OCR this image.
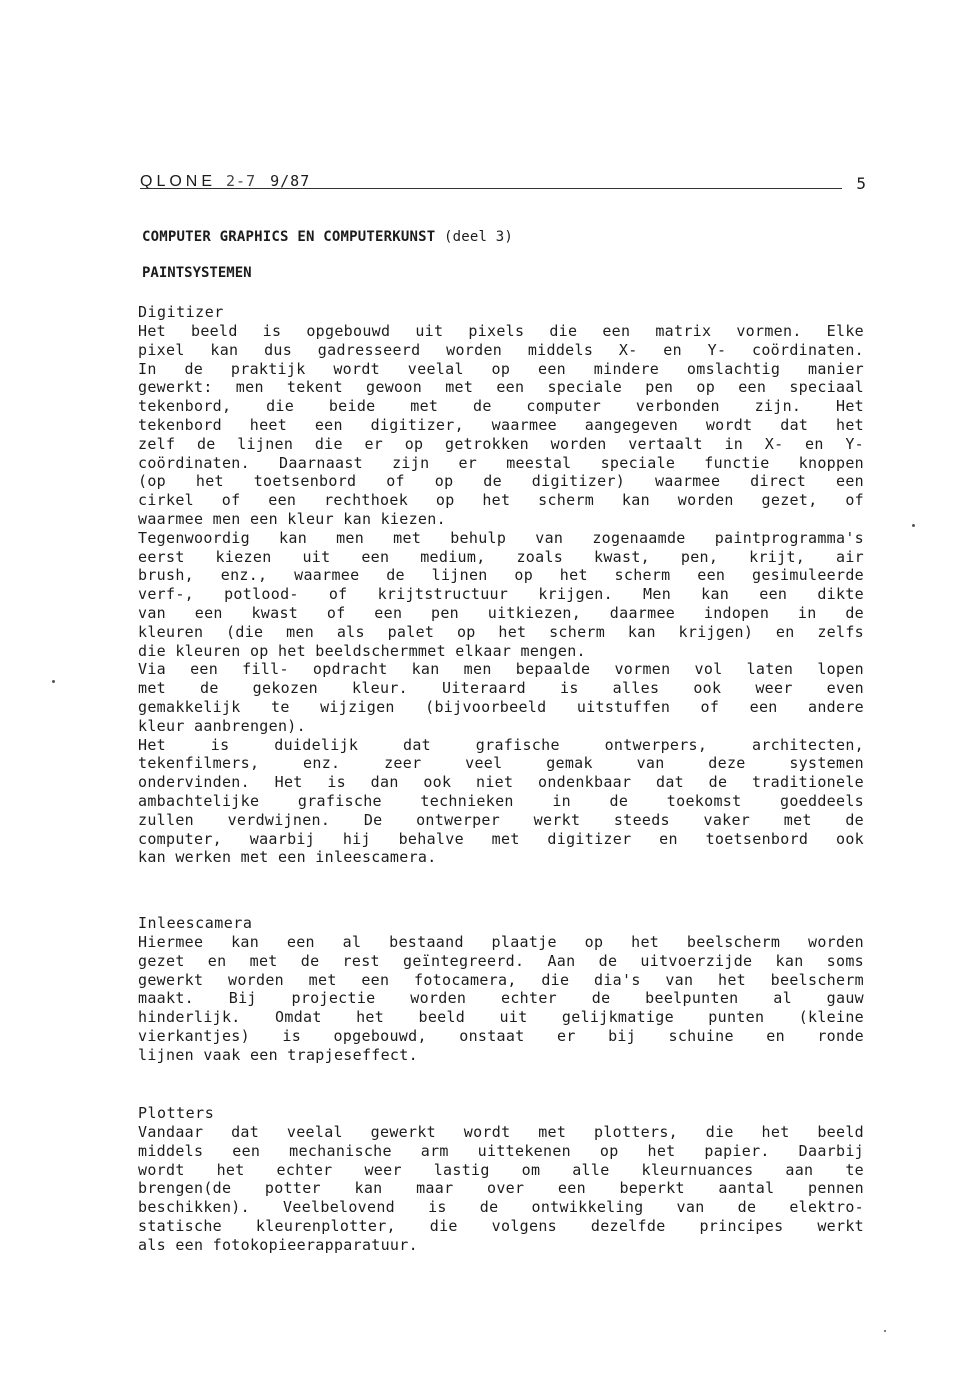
QLONE 2-7 9/87	5
COMPUTER GRAPHICS EN COMPUTERKUNST (deel 3)
PAINTSYSTEMEN
Digitizer
Het beeld is opgebouwd uit pixels die een matrix vormen. Elke
pixel kan dus gadresseerd worden middels X- en Y- coördinaten.
In de praktijk wordt veelal op een mindere omslachtig manier
gewerkt: men tekent gewoon met een speciale pen op een speciaal
tekenbord, die beide met de computer verbonden zijn. Het
tekenbord heet een digitizer, waarmee aangegeven wordt dat het
zelf de lijnen die er op getrokken worden vertaalt in X- en Y-
coördinaten. Daarnaast zijn er meestal speciale functie knoppen
(op het toetsenbord of op de digitizer) waarmee direct een
cirkel of een rechthoek op het scherm kan worden gezet, of
waarmee men een kleur kan kiezen.
Tegenwoordig kan men met behulp van zogenaamde paintprogramma's
eerst kiezen uit een medium, zoals kwast, pen, krijt, air
brush, enz., waarmee de lijnen op het scherm een gesimuleerde
verf-, potlood- of krijtstructuur krijgen. Men kan een dikte
van een kwast of een pen uitkiezen, daarmee indopen in de
kleuren (die men als palet op het scherm kan krijgen) en zelfs
die kleuren op het beeldschermmet elkaar mengen.
Via een fill- opdracht kan men bepaalde vormen vol laten lopen
met de gekozen kleur. Uiteraard is alles ook weer even
gemakkelijk te wijzigen (bijvoorbeeld uitstuffen of een andere
kleur aanbrengen).
Het is duidelijk dat grafische ontwerpers, architecten,
tekenfilmers, enz. zeer veel gemak van deze systemen
ondervinden. Het is dan ook niet ondenkbaar dat de traditionele
ambachtelijke grafische technieken in de toekomst goeddeels
zullen verdwijnen. De ontwerper werkt steeds vaker met de
computer, waarbij hij behalve met digitizer en toetsenbord ook
kan werken met een inleescamera.
Inleescamera
Hiermee kan een al bestaand plaatje op het beelscherm worden
gezet en met de rest geïntegreerd. Aan de uitvoerzijde kan soms
gewerkt worden met een fotocamera, die dia's van het beelscherm
maakt. Bij projectie worden echter de beelpunten al gauw
hinderlijk. Omdat het beeld uit gelijkmatige punten (kleine
vierkantjes) is opgebouwd, onstaat er bij schuine en ronde
lijnen vaak een trapjeseffect.
Plotters
Vandaar dat veelal gewerkt wordt met plotters, die het beeld
middels een mechanische arm uittekenen op het papier. Daarbij
wordt het echter weer lastig om alle kleurnuances aan te
brengen(de potter kan maar over een beperkt aantal pennen
beschikken). Veelbelovend is de ontwikkeling van de elektro-
statische kleurenplotter, die volgens dezelfde principes werkt
als een fotokopieerapparatuur.
